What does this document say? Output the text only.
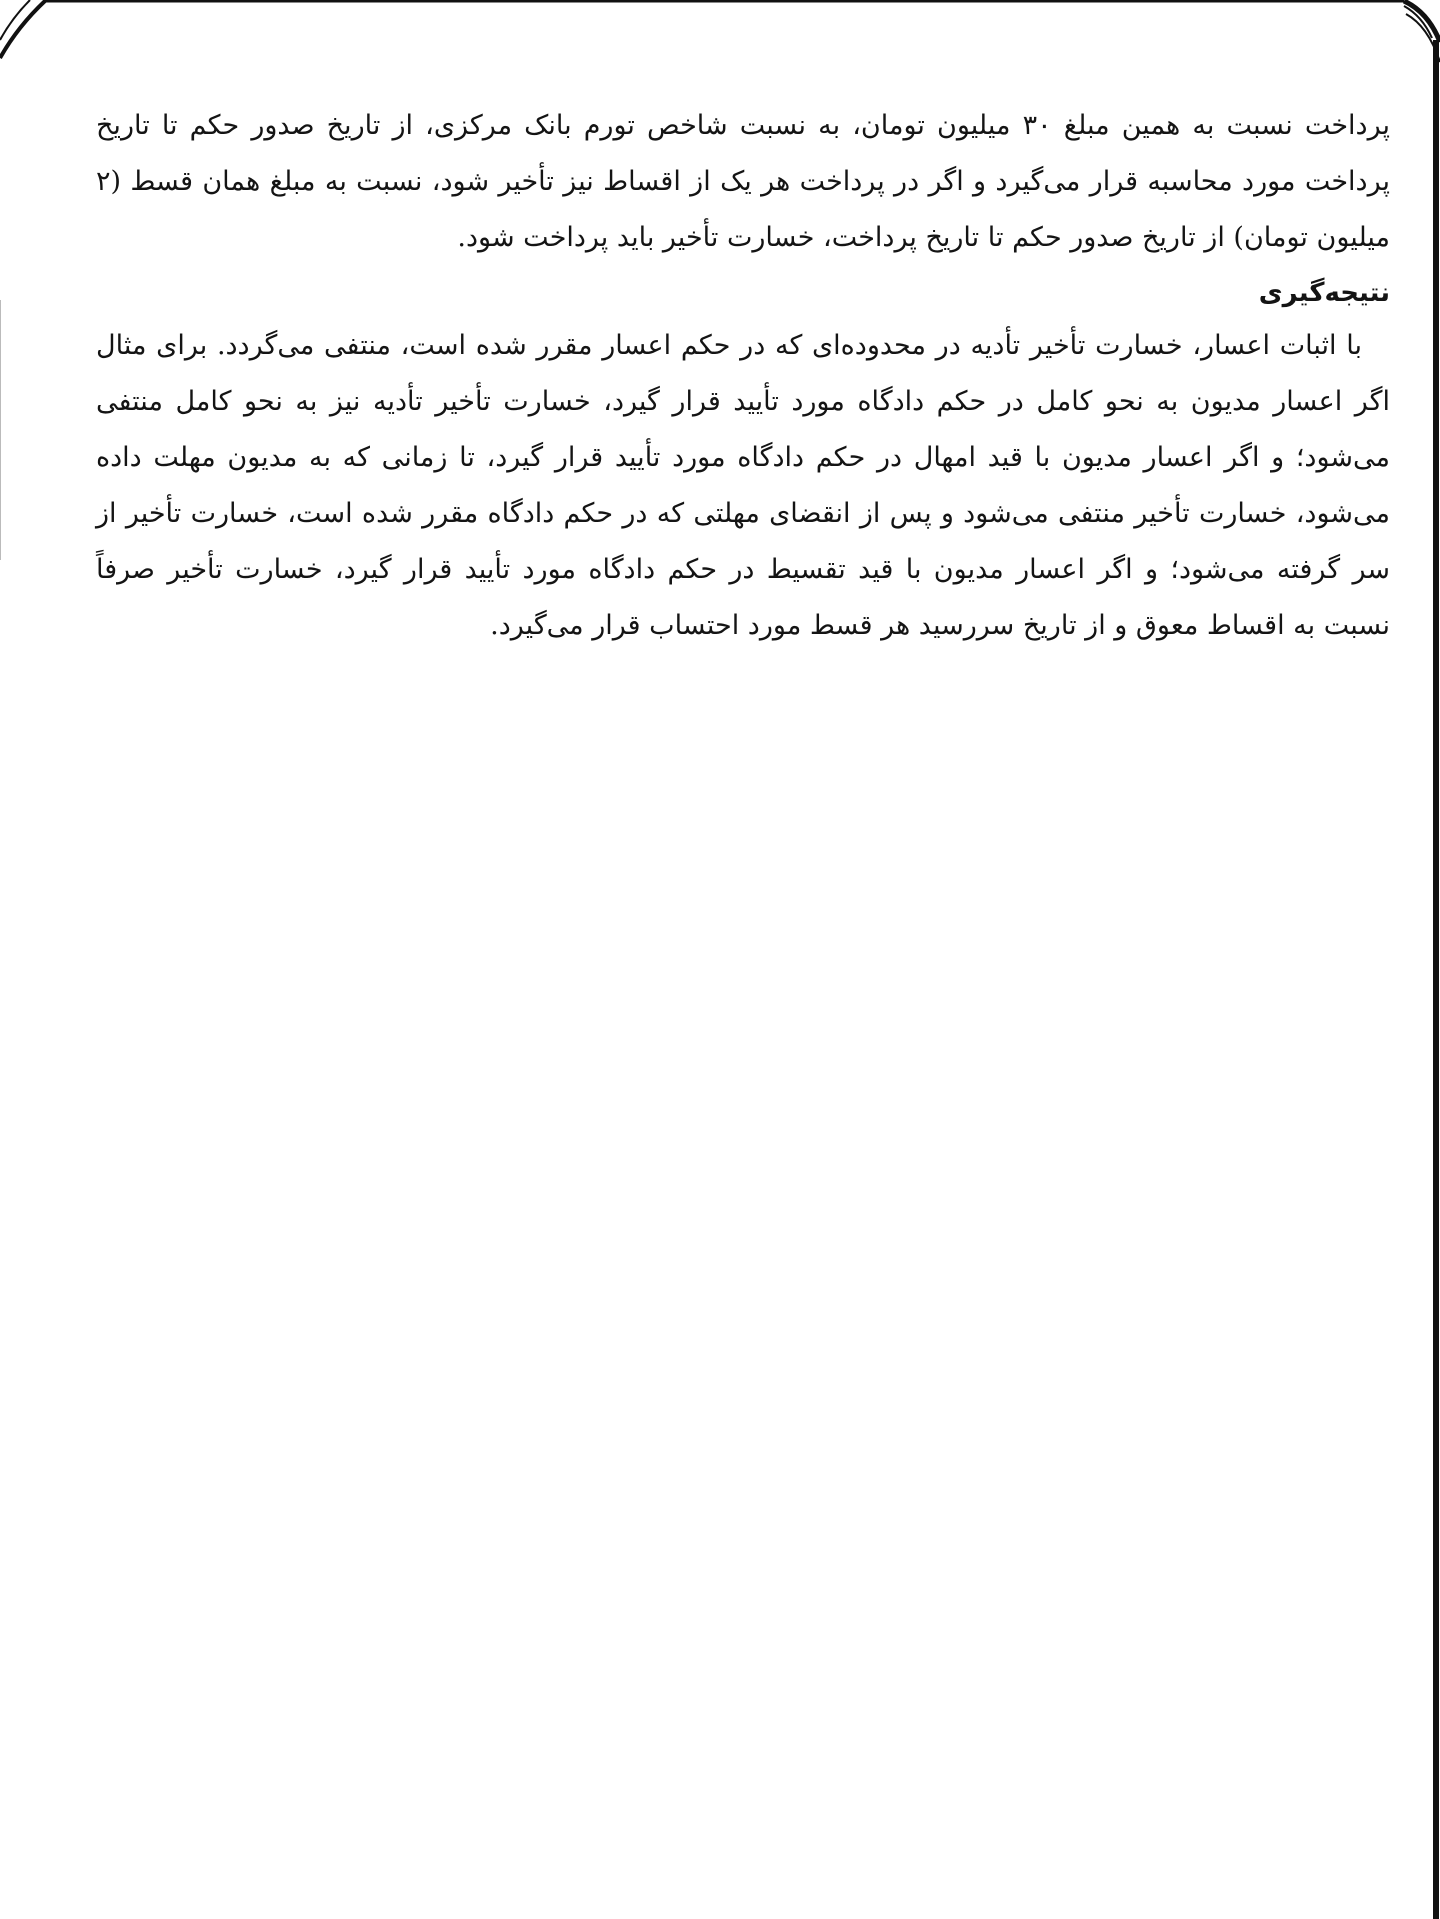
پرداخت نسبت به همین مبلغ ۳۰ میلیون تومان، به نسبت شاخص تورم بانک مرکزی، از تاریخ صدور حکم تا تاریخ پرداخت مورد محاسبه قرار می‌گیرد و اگر در پرداخت هر یک از اقساط نیز تأخیر شود، نسبت به مبلغ همان قسط (۲ میلیون تومان) از تاریخ صدور حکم تا تاریخ پرداخت، خسارت تأخیر باید پرداخت شود.

نتیجه‌گیری

با اثبات اعسار، خسارت تأخیر تأدیه در محدوده‌ای که در حکم اعسار مقرر شده است، منتفی می‌گردد. برای مثال اگر اعسار مدیون به نحو کامل در حکم دادگاه مورد تأیید قرار گیرد، خسارت تأخیر تأدیه نیز به نحو کامل منتفی می‌شود؛ و اگر اعسار مدیون با قید امهال در حکم دادگاه مورد تأیید قرار گیرد، تا زمانی که به مدیون مهلت داده می‌شود، خسارت تأخیر منتفی می‌شود و پس از انقضای مهلتی که در حکم دادگاه مقرر شده است، خسارت تأخیر از سر گرفته می‌شود؛ و اگر اعسار مدیون با قید تقسیط در حکم دادگاه مورد تأیید قرار گیرد، خسارت تأخیر صرفاً نسبت به اقساط معوق و از تاریخ سررسید هر قسط مورد احتساب قرار می‌گیرد.
